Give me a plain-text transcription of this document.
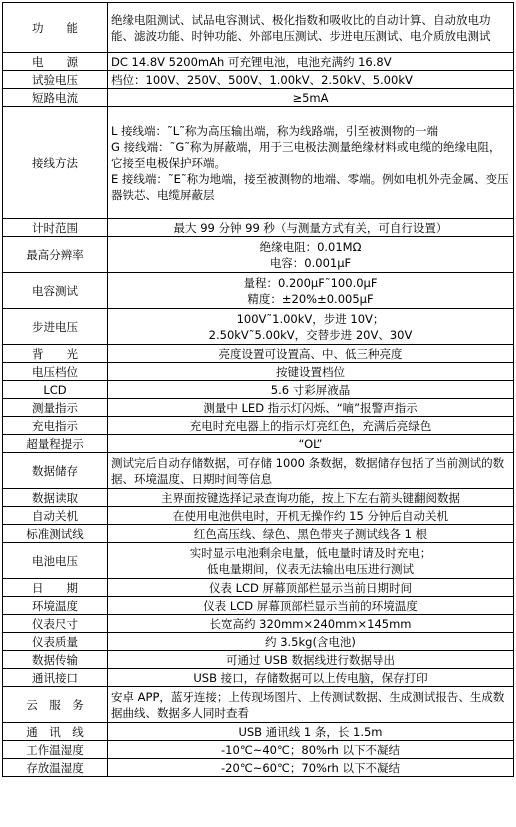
功　　能	绝缘电阻测试、试品电容测试、极化指数和吸收比的自动计算、自动放电功能、滤波功能、时钟功能、外部电压测试、步进电压测试、电介质放电测试

电　　源	DC 14.8V 5200mAh 可充锂电池，电池充满约 16.8V

试验电压	档位：100V、250V、500V、1.00kV、2.50kV、5.00kV

短路电流	≥5mA

接线方法	L 接线端：˜L˜称为高压输出端，称为线路端，引至被测物的一端
G 接线端：˜G˜称为屏蔽端，用于三电极法测量绝缘材料或电缆的绝缘电阻，它接至电极保护环端。
E 接线端：˜E˜称为地端，接至被测物的地端、零端。例如电机外壳金属、变压器铁芯、电缆屏蔽层

计时范围	最大 99 分钟 99 秒（与测量方式有关，可自行设置）

最高分辨率	绝缘电阻：0.01MΩ
电容：0.001μF

电容测试	量程：0.200μF˜100.0μF
精度：±20%±0.005μF

步进电压	100V˜1.00kV，步进 10V；
2.50kV˜5.00kV，交替步进 20V、30V

背　　光	亮度设置可设置高、中、低三种亮度

电压档位	按键设置档位

LCD	5.6 寸彩屏液晶

测量指示	测量中 LED 指示灯闪烁、“嘀”报警声指示

充电指示	充电时充电器上的指示灯亮红色，充满后亮绿色

超量程提示	“OL”

数据储存	测试完后自动存储数据，可存储 1000 条数据，数据储存包括了当前测试的数据、环境温度、日期时间等信息

数据读取	主界面按键选择记录查询功能，按上下左右箭头键翻阅数据

自动关机	在使用电池供电时，开机无操作约 15 分钟后自动关机

标准测试线	红色高压线、绿色、黑色带夹子测试线各 1 根

电池电压	实时显示电池剩余电量，低电量时请及时充电；
低电量期间，仪表无法输出电压进行测试

日　　期	仪表 LCD 屏幕顶部栏显示当前日期时间

环境温度	仪表 LCD 屏幕顶部栏显示当前的环境温度

仪表尺寸	长宽高约 320mm×240mm×145mm

仪表质量	约 3.5kg(含电池)

数据传输	可通过 USB 数据线进行数据导出

通讯接口	USB 接口，存储数据可以上传电脑，保存打印

云　服　务	安卓 APP，蓝牙连接；上传现场图片、上传测试数据、生成测试报告、生成数据曲线、数据多人同时查看

通　讯　线	USB 通讯线 1 条，长 1.5m

工作温湿度	-10℃~40℃；80%rh 以下不凝结

存放温湿度	-20℃~60℃；70%rh 以下不凝结
